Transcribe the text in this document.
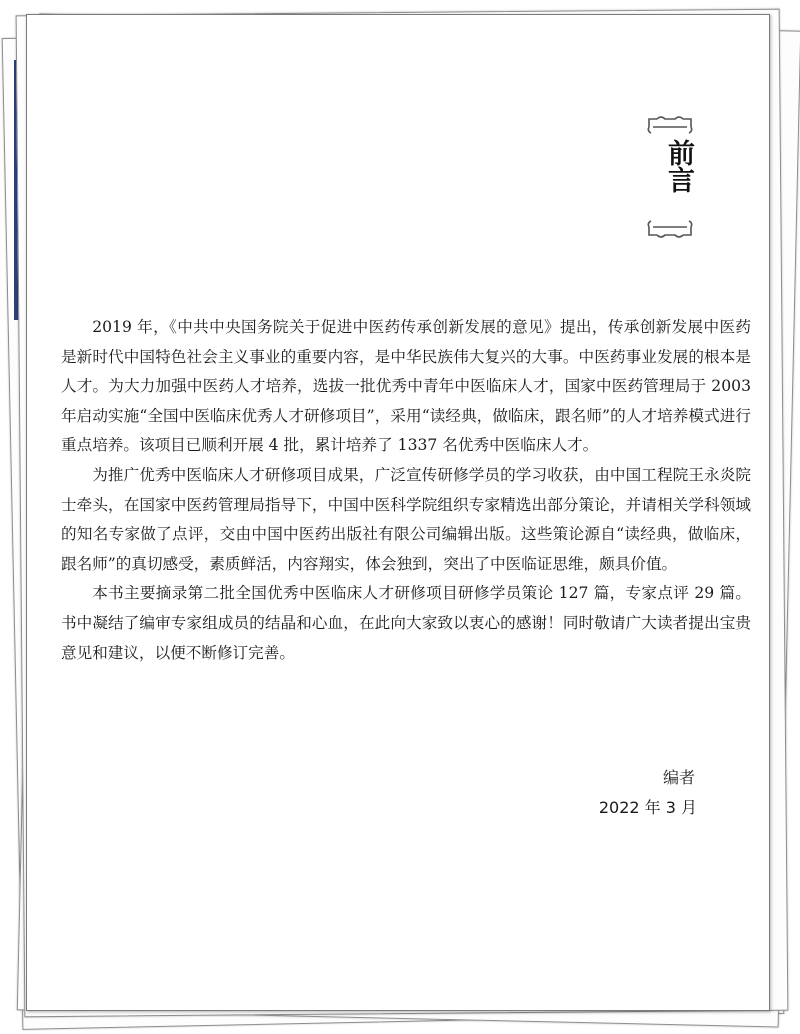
前言

2019 年，《中共中央国务院关于促进中医药传承创新发展的意见》提出，传承创新发展中医药是新时代中国特色社会主义事业的重要内容，是中华民族伟大复兴的大事。中医药事业发展的根本是人才。为大力加强中医药人才培养，选拔一批优秀中青年中医临床人才，国家中医药管理局于 2003 年启动实施“全国中医临床优秀人才研修项目”，采用“读经典，做临床，跟名师”的人才培养模式进行重点培养。该项目已顺利开展 4 批，累计培养了 1337 名优秀中医临床人才。

为推广优秀中医临床人才研修项目成果，广泛宣传研修学员的学习收获，由中国工程院王永炎院士牵头，在国家中医药管理局指导下，中国中医科学院组织专家精选出部分策论，并请相关学科领域的知名专家做了点评，交由中国中医药出版社有限公司编辑出版。这些策论源自“读经典，做临床，跟名师”的真切感受，素质鲜活，内容翔实，体会独到，突出了中医临证思维，颇具价值。

本书主要摘录第二批全国优秀中医临床人才研修项目研修学员策论 127 篇，专家点评 29 篇。书中凝结了编审专家组成员的结晶和心血，在此向大家致以衷心的感谢！同时敬请广大读者提出宝贵意见和建议，以便不断修订完善。

编者
2022 年 3 月
